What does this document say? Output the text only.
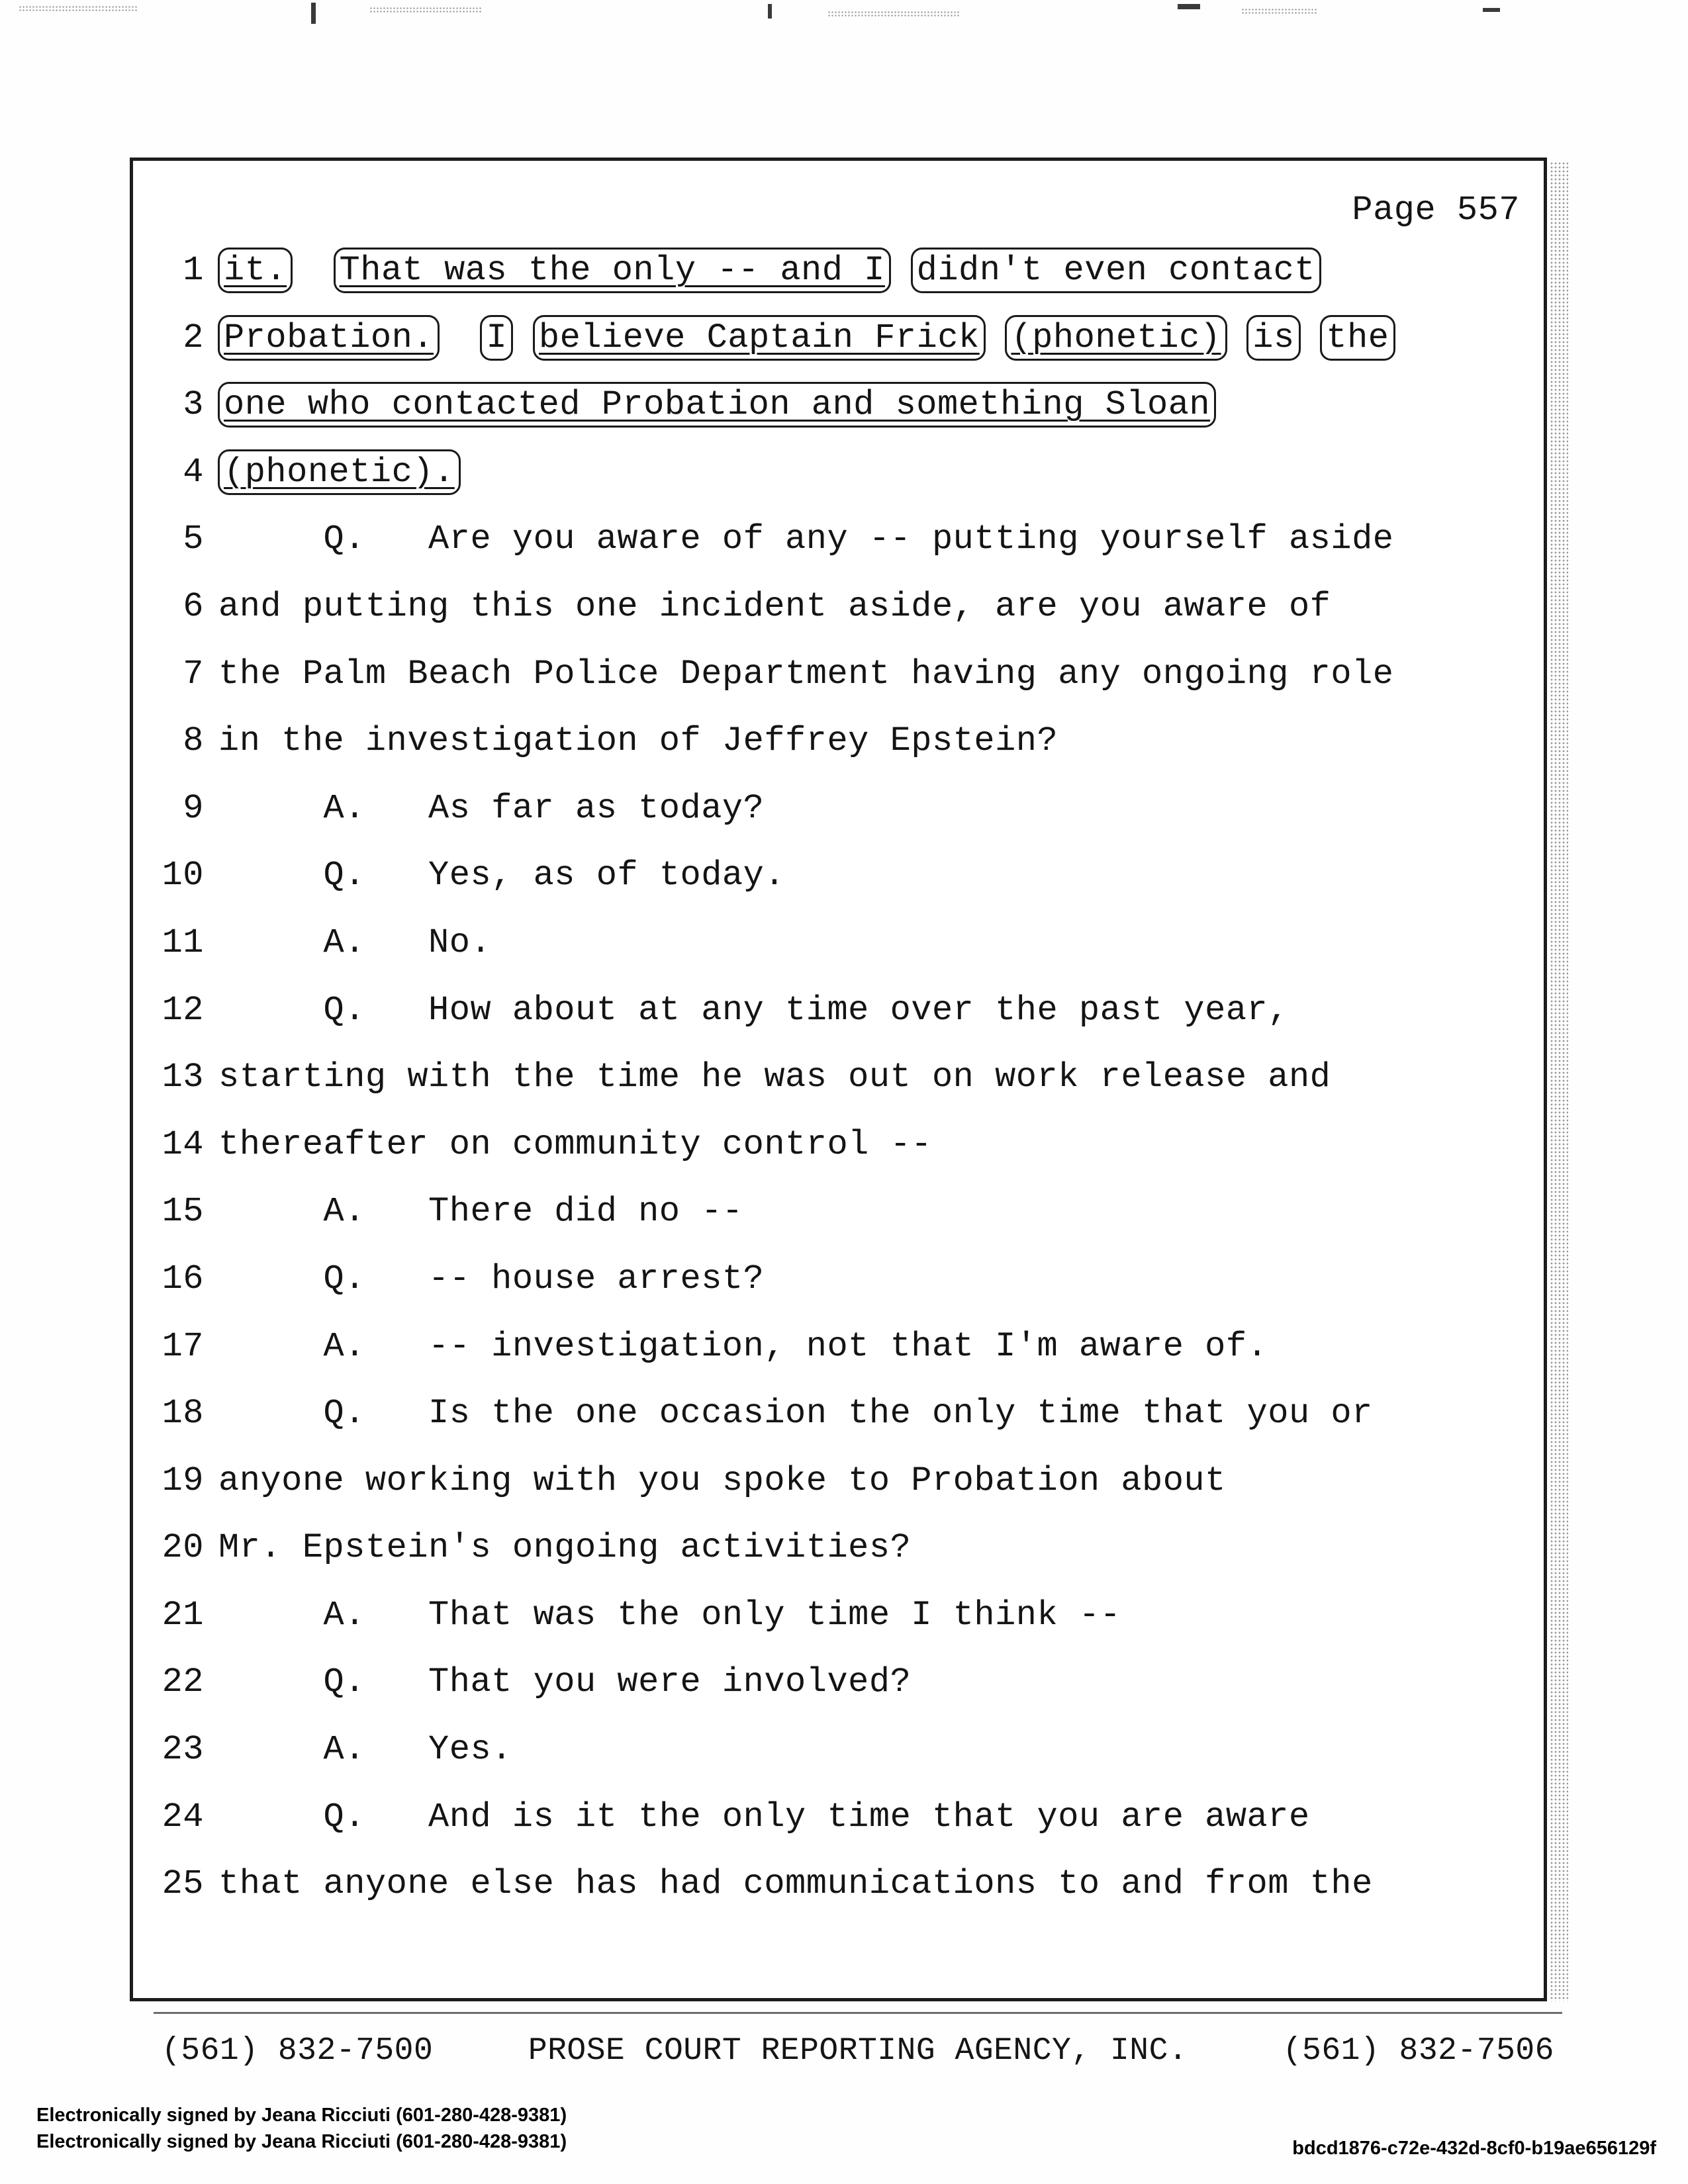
Page 557
1 it. That was the only -- and I didn't even contact
2 Probation. I believe Captain Frick (phonetic) is the
3 one who contacted Probation and something Sloan
4 (phonetic).
5 Q.   Are you aware of any -- putting yourself aside
6 and putting this one incident aside, are you aware of
7 the Palm Beach Police Department having any ongoing role
8 in the investigation of Jeffrey Epstein?
9 A.   As far as today?
10 Q.   Yes, as of today.
11 A.   No.
12 Q.   How about at any time over the past year,
13 starting with the time he was out on work release and
14 thereafter on community control --
15 A.   There did no --
16 Q.   -- house arrest?
17 A.   -- investigation, not that I'm aware of.
18 Q.   Is the one occasion the only time that you or
19 anyone working with you spoke to Probation about
20 Mr. Epstein's ongoing activities?
21 A.   That was the only time I think --
22 Q.   That you were involved?
23 A.   Yes.
24 Q.   And is it the only time that you are aware
25 that anyone else has had communications to and from the
(561) 832-7500	PROSE COURT REPORTING AGENCY, INC.	(561) 832-7506
Electronically signed by Jeana Ricciuti (601-280-428-9381)
Electronically signed by Jeana Ricciuti (601-280-428-9381)	bdcd1876-c72e-432d-8cf0-b19ae656129f
